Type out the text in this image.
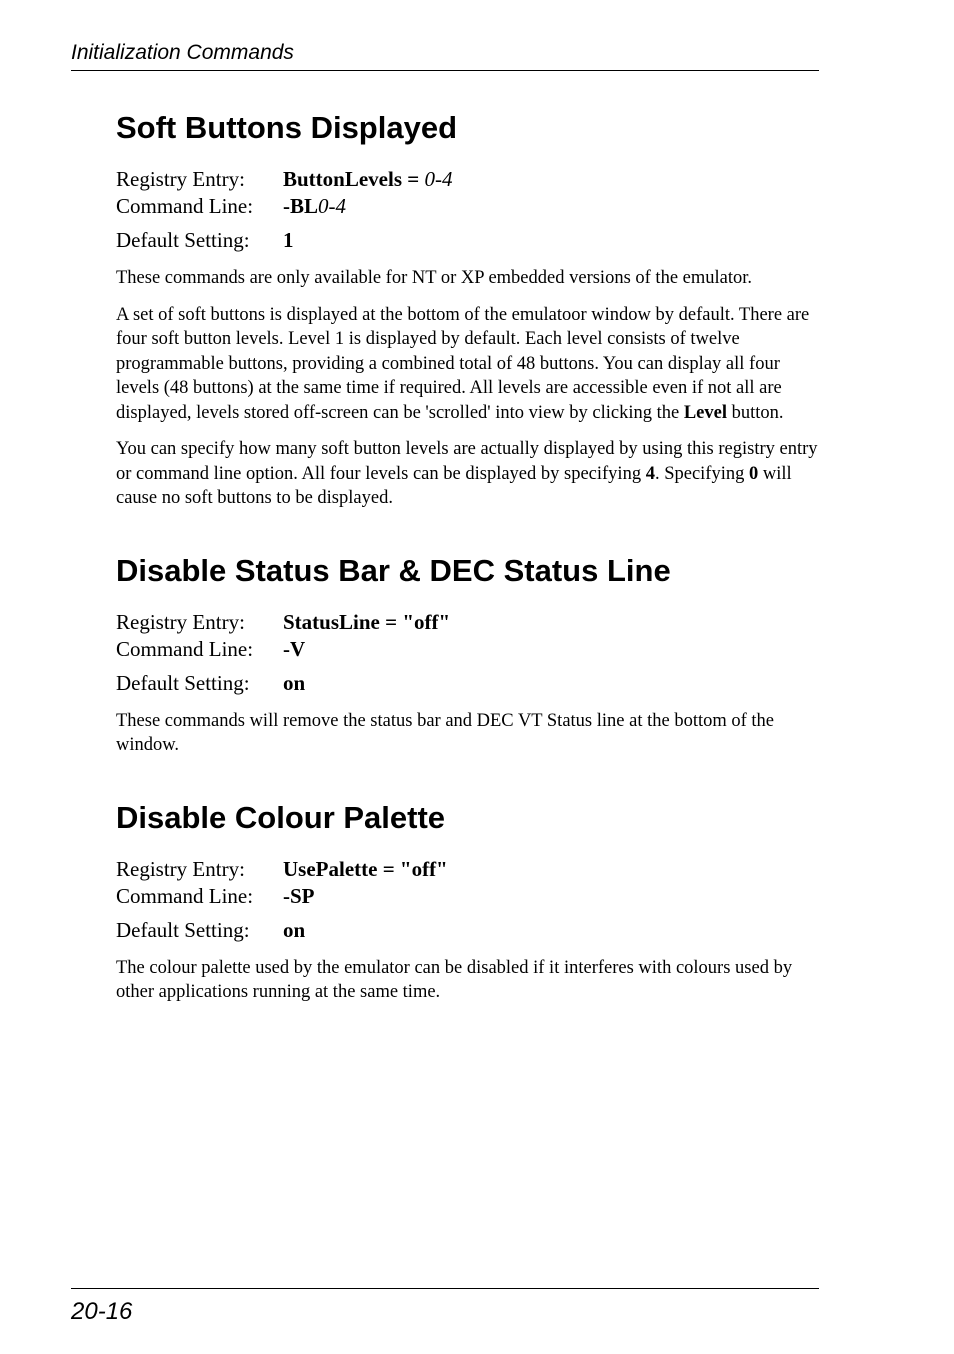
Initialization Commands
Soft Buttons Displayed
Registry Entry:	ButtonLevels = 0-4
Command Line:	-BL0-4
Default Setting:	1

These commands are only available for NT or XP embedded versions of the emulator.

A set of soft buttons is displayed at the bottom of the emulatoor window by default. There are four soft button levels. Level 1 is displayed by default. Each level consists of twelve programmable buttons, providing a combined total of 48 buttons. You can display all four levels (48 buttons) at the same time if required. All levels are accessible even if not all are displayed, levels stored off-screen can be 'scrolled' into view by clicking the Level button.

You can specify how many soft button levels are actually displayed by using this registry entry or command line option. All four levels can be displayed by specifying 4. Specifying 0 will cause no soft buttons to be displayed.

Disable Status Bar & DEC Status Line
Registry Entry:	StatusLine = "off"
Command Line:	-V
Default Setting:	on

These commands will remove the status bar and DEC VT Status line at the bottom of the window.

Disable Colour Palette
Registry Entry:	UsePalette = "off"
Command Line:	-SP
Default Setting:	on

The colour palette used by the emulator can be disabled if it interferes with colours used by other applications running at the same time.

20-16
